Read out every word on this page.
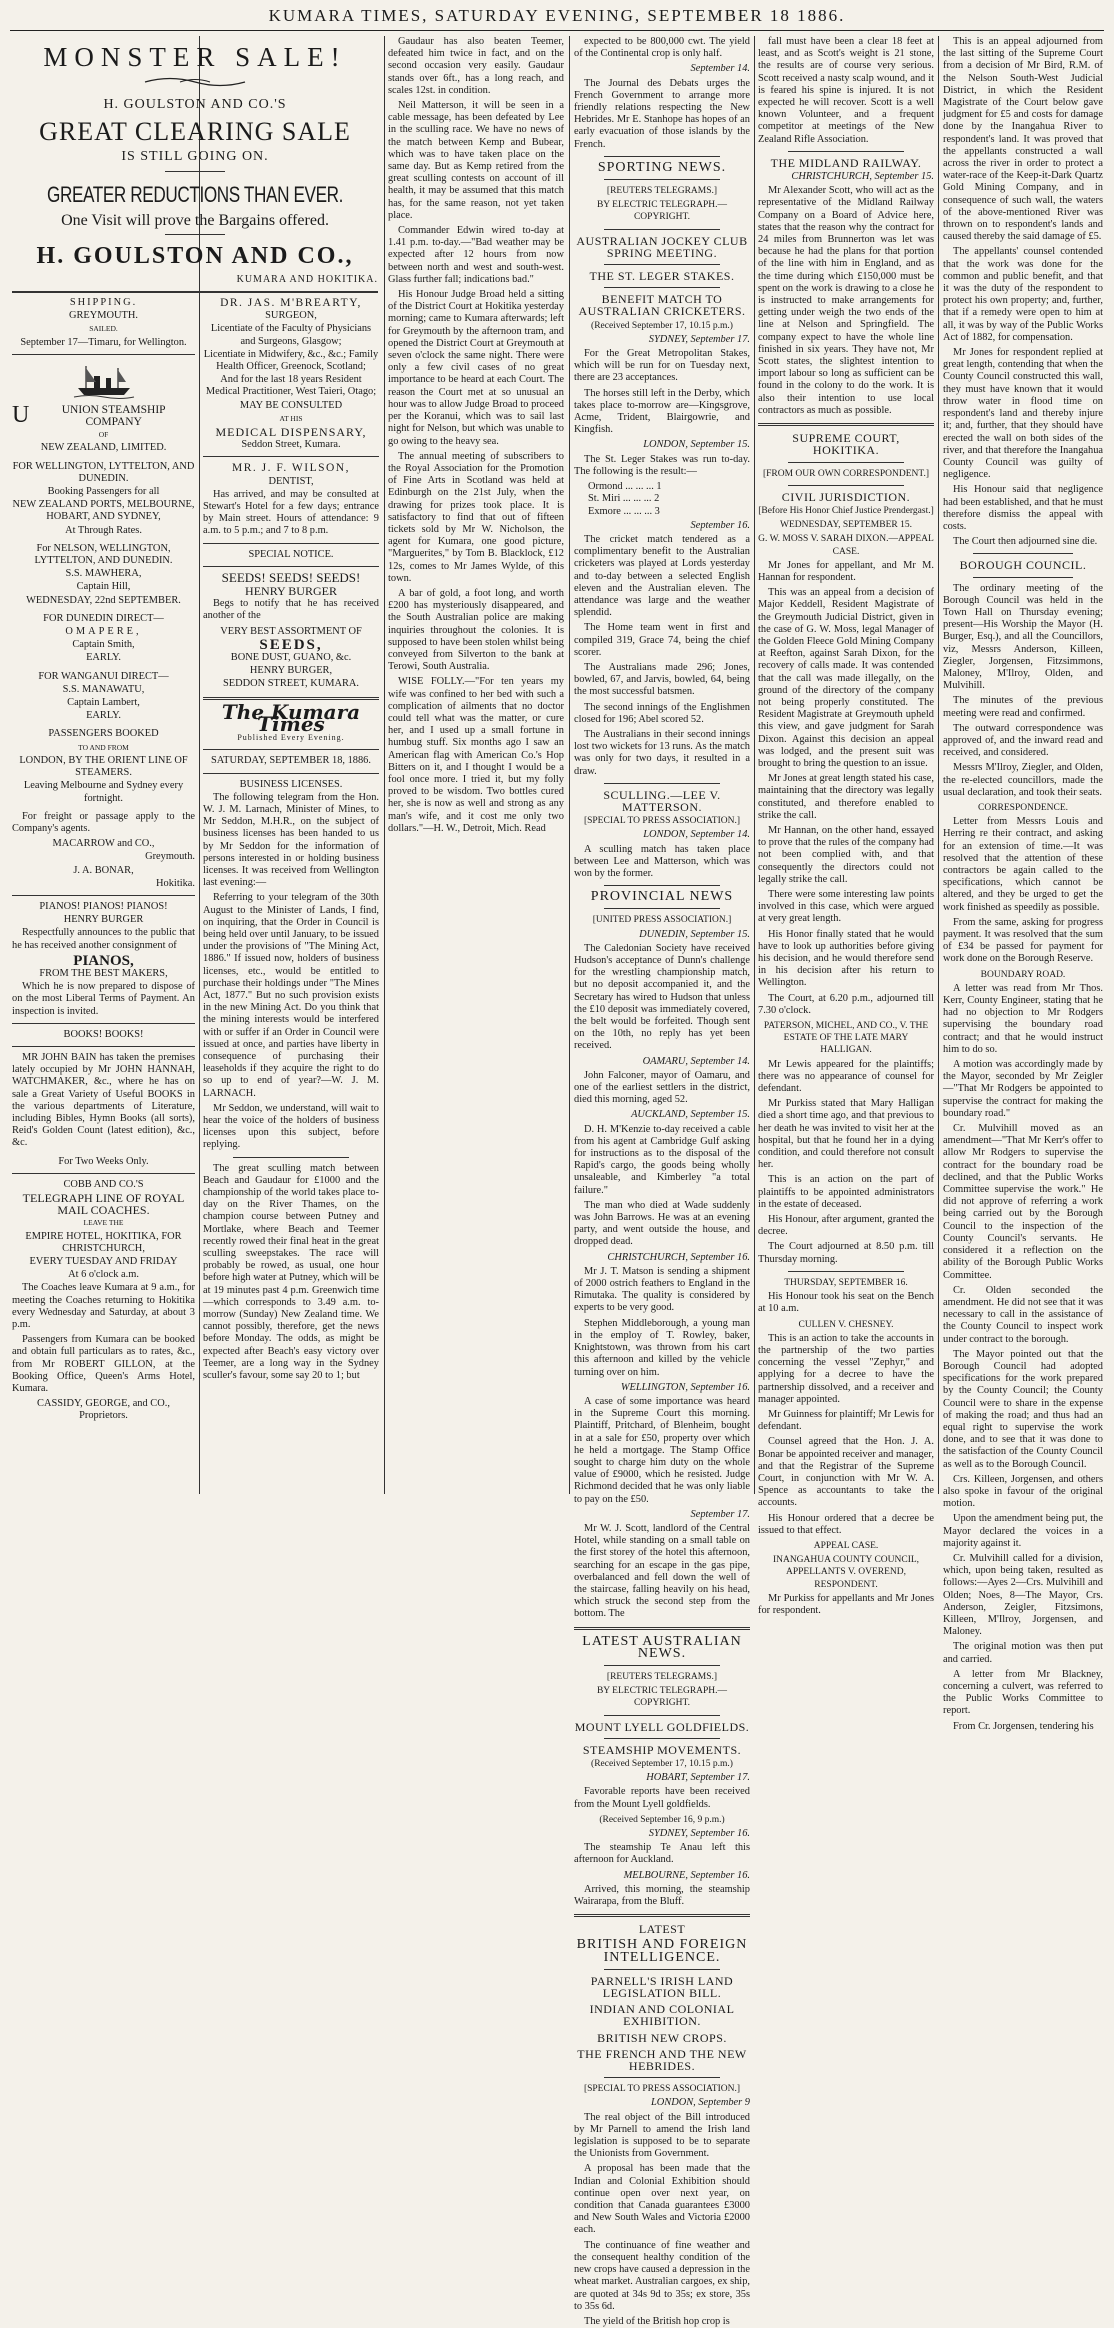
KUMARA TIMES, SATURDAY EVENING, SEPTEMBER 18 1886.
MONSTER SALE!
H. GOULSTON AND CO.'S
GREAT CLEARING SALE
IS STILL GOING ON.
GREATER REDUCTIONS THAN EVER.
One Visit will prove the Bargains offered.
H. GOULSTON AND CO.,
KUMARA AND HOKITIKA.
SHIPPING.
GREYMOUTH.
SAILED.
September 17—Timaru, for Wellington.
U	UNION STEAMSHIP COMPANY
OF
NEW ZEALAND, LIMITED.
FOR WELLINGTON, LYTTELTON, AND DUNEDIN.
Booking Passengers for all
NEW ZEALAND PORTS, MELBOURNE, HOBART, AND SYDNEY,
At Through Rates.
For NELSON, WELLINGTON, LYTTELTON, AND DUNEDIN.
S.S. MAWHERA,
Captain Hill,
WEDNESDAY, 22nd SEPTEMBER.
FOR DUNEDIN DIRECT—
OMAPERE,
Captain Smith,
EARLY.
FOR WANGANUI DIRECT—
S.S. MANAWATU,
Captain Lambert,
EARLY.
PASSENGERS BOOKED
TO AND FROM
LONDON, BY THE ORIENT LINE OF STEAMERS.
Leaving Melbourne and Sydney every fortnight.

For freight or passage apply to the Company's agents.

MACARROW and CO.,
Greymouth.
J. A. BONAR,
Hokitika.
PIANOS! PIANOS! PIANOS!
HENRY BURGER

Respectfully announces to the public that he has received another consignment of

PIANOS,
FROM THE BEST MAKERS,

Which he is now prepared to dispose of on the most Liberal Terms of Payment. An inspection is invited.

BOOKS! BOOKS!

MR JOHN BAIN has taken the premises lately occupied by Mr JOHN HANNAH, WATCHMAKER, &c., where he has on sale a Great Variety of Useful BOOKS in the various departments of Literature, including Bibles, Hymn Books (all sorts), Reid's Golden Count (latest edition), &c., &c.

For Two Weeks Only.
COBB AND CO.'S
TELEGRAPH LINE OF ROYAL MAIL COACHES.
LEAVE THE
EMPIRE HOTEL, HOKITIKA, FOR CHRISTCHURCH,
EVERY TUESDAY AND FRIDAY
At 6 o'clock a.m.

The Coaches leave Kumara at 9 a.m., for meeting the Coaches returning to Hokitika every Wednesday and Saturday, at about 3 p.m.

Passengers from Kumara can be booked and obtain full particulars as to rates, &c., from Mr ROBERT GILLON, at the Booking Office, Queen's Arms Hotel, Kumara.

CASSIDY, GEORGE, and CO., Proprietors.
DR. JAS. M'BREARTY,
SURGEON,
Licentiate of the Faculty of Physicians and Surgeons, Glasgow;
Licentiate in Midwifery, &c., &c.; Family Health Officer, Greenock, Scotland;
And for the last 18 years Resident Medical Practitioner, West Taieri, Otago;
MAY BE CONSULTED
AT HIS
MEDICAL DISPENSARY,
Seddon Street, Kumara.
MR. J. F. WILSON,
DENTIST,

Has arrived, and may be consulted at Stewart's Hotel for a few days; entrance by Main street. Hours of attendance: 9 a.m. to 5 p.m.; and 7 to 8 p.m.

SPECIAL NOTICE.
SEEDS! SEEDS! SEEDS!
HENRY BURGER

Begs to notify that he has received another of the

VERY BEST ASSORTMENT OF
SEEDS,
BONE DUST, GUANO, &c.
HENRY BURGER,
SEDDON STREET, KUMARA.
The Kumara Times
Published Every Evening.
SATURDAY, SEPTEMBER 18, 1886.
BUSINESS LICENSES.

The following telegram from the Hon. W. J. M. Larnach, Minister of Mines, to Mr Seddon, M.H.R., on the subject of business licenses has been handed to us by Mr Seddon for the information of persons interested in or holding business licenses. It was received from Wellington last evening:—

Referring to your telegram of the 30th August to the Minister of Lands, I find, on inquiring, that the Order in Council is being held over until January, to be issued under the provisions of "The Mining Act, 1886." If issued now, holders of business licenses, etc., would be entitled to purchase their holdings under "The Mines Act, 1877." But no such provision exists in the new Mining Act. Do you think that the mining interests would be interfered with or suffer if an Order in Council were issued at once, and parties have liberty in consequence of purchasing their leaseholds if they acquire the right to do so up to end of year?—W. J. M. LARNACH.

Mr Seddon, we understand, will wait to hear the voice of the holders of business licenses upon this subject, before replying.

The great sculling match between Beach and Gaudaur for £1000 and the championship of the world takes place to-day on the River Thames, on the champion course between Putney and Mortlake, where Beach and Teemer recently rowed their final heat in the great sculling sweepstakes. The race will probably be rowed, as usual, one hour before high water at Putney, which will be at 19 minutes past 4 p.m. Greenwich time—which corresponds to 3.49 a.m. to-morrow (Sunday) New Zealand time. We cannot possibly, therefore, get the news before Monday. The odds, as might be expected after Beach's easy victory over Teemer, are a long way in the Sydney sculler's favour, some say 20 to 1; but

Gaudaur has also beaten Teemer, defeated him twice in fact, and on the second occasion very easily. Gaudaur stands over 6ft., has a long reach, and scales 12st. in condition.

Neil Matterson, it will be seen in a cable message, has been defeated by Lee in the sculling race. We have no news of the match between Kemp and Bubear, which was to have taken place on the same day. But as Kemp retired from the great sculling contests on account of ill health, it may be assumed that this match has, for the same reason, not yet taken place.

Commander Edwin wired to-day at 1.41 p.m. to-day.—"Bad weather may be expected after 12 hours from now between north and west and south-west. Glass further fall; indications bad."

His Honour Judge Broad held a sitting of the District Court at Hokitika yesterday morning; came to Kumara afterwards; left for Greymouth by the afternoon tram, and opened the District Court at Greymouth at seven o'clock the same night. There were only a few civil cases of no great importance to be heard at each Court. The reason the Court met at so unusual an hour was to allow Judge Broad to proceed per the Koranui, which was to sail last night for Nelson, but which was unable to go owing to the heavy sea.

The annual meeting of subscribers to the Royal Association for the Promotion of Fine Arts in Scotland was held at Edinburgh on the 21st July, when the drawing for prizes took place. It is satisfactory to find that out of fifteen tickets sold by Mr W. Nicholson, the agent for Kumara, one good picture, "Marguerites," by Tom B. Blacklock, £12 12s, comes to Mr James Wylde, of this town.

A bar of gold, a foot long, and worth £200 has mysteriously disappeared, and the South Australian police are making inquiries throughout the colonies. It is supposed to have been stolen whilst being conveyed from Silverton to the bank at Terowi, South Australia.

WISE FOLLY.—"For ten years my wife was confined to her bed with such a complication of ailments that no doctor could tell what was the matter, or cure her, and I used up a small fortune in humbug stuff. Six months ago I saw an American flag with American Co.'s Hop Bitters on it, and I thought I would be a fool once more. I tried it, but my folly proved to be wisdom. Two bottles cured her, she is now as well and strong as any man's wife, and it cost me only two dollars."—H. W., Detroit, Mich. Read

expected to be 800,000 cwt. The yield of the Continental crop is only half.

September 14.

The Journal des Debats urges the French Government to arrange more friendly relations respecting the New Hebrides. Mr E. Stanhope has hopes of an early evacuation of those islands by the French.

SPORTING NEWS.
[REUTERS TELEGRAMS.]
BY ELECTRIC TELEGRAPH.—COPYRIGHT.
AUSTRALIAN JOCKEY CLUB SPRING MEETING.
THE ST. LEGER STAKES.
BENEFIT MATCH TO AUSTRALIAN CRICKETERS.
(Received September 17, 10.15 p.m.)
SYDNEY, September 17.

For the Great Metropolitan Stakes, which will be run for on Tuesday next, there are 23 acceptances.

The horses still left in the Derby, which takes place to-morrow are—Kingsgrove, Acme, Trident, Blairgowrie, and Kingfish.

LONDON, September 15.

The St. Leger Stakes was run to-day. The following is the result:—

Ormond ... ... ... 1
St. Miri ... ... ... 2
Exmore ... ... ... 3
September 16.

The cricket match tendered as a complimentary benefit to the Australian cricketers was played at Lords yesterday and to-day between a selected English eleven and the Australian eleven. The attendance was large and the weather splendid.

The Home team went in first and compiled 319, Grace 74, being the chief scorer.

The Australians made 296; Jones, bowled, 67, and Jarvis, bowled, 64, being the most successful batsmen.

The second innings of the Englishmen closed for 196; Abel scored 52.

The Australians in their second innings lost two wickets for 13 runs. As the match was only for two days, it resulted in a draw.

SCULLING.—LEE V. MATTERSON.
[SPECIAL TO PRESS ASSOCIATION.]
LONDON, September 14.

A sculling match has taken place between Lee and Matterson, which was won by the former.

PROVINCIAL NEWS
[UNITED PRESS ASSOCIATION.]
DUNEDIN, September 15.

The Caledonian Society have received Hudson's acceptance of Dunn's challenge for the wrestling championship match, but no deposit accompanied it, and the Secretary has wired to Hudson that unless the £10 deposit was immediately covered, the belt would be forfeited. Though sent on the 10th, no reply has yet been received.

OAMARU, September 14.

John Falconer, mayor of Oamaru, and one of the earliest settlers in the district, died this morning, aged 52.

AUCKLAND, September 15.

D. H. M'Kenzie to-day received a cable from his agent at Cambridge Gulf asking for instructions as to the disposal of the Rapid's cargo, the goods being wholly unsaleable, and Kimberley "a total failure."

The man who died at Wade suddenly was John Barrows. He was at an evening party, and went outside the house, and dropped dead.

CHRISTCHURCH, September 16.

Mr J. T. Matson is sending a shipment of 2000 ostrich feathers to England in the Rimutaka. The quality is considered by experts to be very good.

Stephen Middleborough, a young man in the employ of T. Rowley, baker, Knightstown, was thrown from his cart this afternoon and killed by the vehicle turning over on him.

WELLINGTON, September 16.

A case of some importance was heard in the Supreme Court this morning. Plaintiff, Pritchard, of Blenheim, bought in at a sale for £50, property over which he held a mortgage. The Stamp Office sought to charge him duty on the whole value of £9000, which he resisted. Judge Richmond decided that he was only liable to pay on the £50.

September 17.

Mr W. J. Scott, landlord of the Central Hotel, while standing on a small table on the first storey of the hotel this afternoon, searching for an escape in the gas pipe, overbalanced and fell down the well of the staircase, falling heavily on his head, which struck the second step from the bottom. The

LATEST AUSTRALIAN NEWS.
[REUTERS TELEGRAMS.]
BY ELECTRIC TELEGRAPH.—COPYRIGHT.
MOUNT LYELL GOLDFIELDS.
STEAMSHIP MOVEMENTS.
(Received September 17, 10.15 p.m.)
HOBART, September 17.

Favorable reports have been received from the Mount Lyell goldfields.

(Received September 16, 9 p.m.)
SYDNEY, September 16.

The steamship Te Anau left this afternoon for Auckland.

MELBOURNE, September 16.

Arrived, this morning, the steamship Wairarapa, from the Bluff.

LATEST
BRITISH AND FOREIGN INTELLIGENCE.
PARNELL'S IRISH LAND LEGISLATION BILL.
INDIAN AND COLONIAL EXHIBITION.
BRITISH NEW CROPS.
THE FRENCH AND THE NEW HEBRIDES.
[SPECIAL TO PRESS ASSOCIATION.]
LONDON, September 9

The real object of the Bill introduced by Mr Parnell to amend the Irish land legislation is supposed to be to separate the Unionists from Government.

A proposal has been made that the Indian and Colonial Exhibition should continue open over next year, on condition that Canada guarantees £3000 and New South Wales and Victoria £2000 each.

The continuance of fine weather and the consequent healthy condition of the new crops have caused a depression in the wheat market. Australian cargoes, ex ship, are quoted at 34s 9d to 35s; ex store, 35s to 35s 6d.

The yield of the British hop crop is

fall must have been a clear 18 feet at least, and as Scott's weight is 21 stone, the results are of course very serious. Scott received a nasty scalp wound, and it is feared his spine is injured. It is not expected he will recover. Scott is a well known Volunteer, and a frequent competitor at meetings of the New Zealand Rifle Association.

THE MIDLAND RAILWAY.
CHRISTCHURCH, September 15.

Mr Alexander Scott, who will act as the representative of the Midland Railway Company on a Board of Advice here, states that the reason why the contract for 24 miles from Brunnerton was let was because he had the plans for that portion of the line with him in England, and as the time during which £150,000 must be spent on the work is drawing to a close he is instructed to make arrangements for getting under weigh the two ends of the line at Nelson and Springfield. The company expect to have the whole line finished in six years. They have not, Mr Scott states, the slightest intention to import labour so long as sufficient can be found in the colony to do the work. It is also their intention to use local contractors as much as possible.

SUPREME COURT, HOKITIKA.
[FROM OUR OWN CORRESPONDENT.]
CIVIL JURISDICTION.
[Before His Honor Chief Justice Prendergast.]
WEDNESDAY, SEPTEMBER 15.
G. W. MOSS V. SARAH DIXON.—APPEAL CASE.

Mr Jones for appellant, and Mr M. Hannan for respondent.

This was an appeal from a decision of Major Keddell, Resident Magistrate of the Greymouth Judicial District, given in the case of G. W. Moss, legal Manager of the Golden Fleece Gold Mining Company at Reefton, against Sarah Dixon, for the recovery of calls made. It was contended that the call was made illegally, on the ground of the directory of the company not being properly constituted. The Resident Magistrate at Greymouth upheld this view, and gave judgment for Sarah Dixon. Against this decision an appeal was lodged, and the present suit was brought to bring the question to an issue.

Mr Jones at great length stated his case, maintaining that the directory was legally constituted, and therefore enabled to strike the call.

Mr Hannan, on the other hand, essayed to prove that the rules of the company had not been complied with, and that consequently the directors could not legally strike the call.

There were some interesting law points involved in this case, which were argued at very great length.

His Honor finally stated that he would have to look up authorities before giving his decision, and he would therefore send in his decision after his return to Wellington.

The Court, at 6.20 p.m., adjourned till 7.30 o'clock.

PATERSON, MICHEL, AND CO., V. THE ESTATE OF THE LATE MARY HALLIGAN.

Mr Lewis appeared for the plaintiffs; there was no appearance of counsel for defendant.

Mr Purkiss stated that Mary Halligan died a short time ago, and that previous to her death he was invited to visit her at the hospital, but that he found her in a dying condition, and could therefore not consult her.

This is an action on the part of plaintiffs to be appointed administrators in the estate of deceased.

His Honour, after argument, granted the decree.

The Court adjourned at 8.50 p.m. till Thursday morning.

THURSDAY, SEPTEMBER 16.

His Honour took his seat on the Bench at 10 a.m.

CULLEN V. CHESNEY.

This is an action to take the accounts in the partnership of the two parties concerning the vessel "Zephyr," and applying for a decree to have the partnership dissolved, and a receiver and manager appointed.

Mr Guinness for plaintiff; Mr Lewis for defendant.

Counsel agreed that the Hon. J. A. Bonar be appointed receiver and manager, and that the Registrar of the Supreme Court, in conjunction with Mr W. A. Spence as accountants to take the accounts.

His Honour ordered that a decree be issued to that effect.

APPEAL CASE.
INANGAHUA COUNTY COUNCIL, APPELLANTS V. OVEREND, RESPONDENT.

Mr Purkiss for appellants and Mr Jones for respondent.

This is an appeal adjourned from the last sitting of the Supreme Court from a decision of Mr Bird, R.M. of the Nelson South-West Judicial District, in which the Resident Magistrate of the Court below gave judgment for £5 and costs for damage done by the Inangahua River to respondent's land. It was proved that the appellants constructed a wall across the river in order to protect a water-race of the Keep-it-Dark Quartz Gold Mining Company, and in consequence of such wall, the waters of the above-mentioned River was thrown on to respondent's lands and caused thereby the said damage of £5.

The appellants' counsel contended that the work was done for the common and public benefit, and that it was the duty of the respondent to protect his own property; and, further, that if a remedy were open to him at all, it was by way of the Public Works Act of 1882, for compensation.

Mr Jones for respondent replied at great length, contending that when the County Council constructed this wall, they must have known that it would throw water in flood time on respondent's land and thereby injure it; and, further, that they should have erected the wall on both sides of the river, and that therefore the Inangahua County Council was guilty of negligence.

His Honour said that negligence had been established, and that he must therefore dismiss the appeal with costs.

The Court then adjourned sine die.

BOROUGH COUNCIL.

The ordinary meeting of the Borough Council was held in the Town Hall on Thursday evening; present—His Worship the Mayor (H. Burger, Esq.), and all the Councillors, viz, Messrs Anderson, Killeen, Ziegler, Jorgensen, Fitzsimmons, Maloney, M'Ilroy, Olden, and Mulvihill.

The minutes of the previous meeting were read and confirmed.

The outward correspondence was approved of, and the inward read and received, and considered.

Messrs M'Ilroy, Ziegler, and Olden, the re-elected councillors, made the usual declaration, and took their seats.

CORRESPONDENCE.

Letter from Messrs Louis and Herring re their contract, and asking for an extension of time.—It was resolved that the attention of these contractors be again called to the specifications, which cannot be altered, and they be urged to get the work finished as speedily as possible.

From the same, asking for progress payment. It was resolved that the sum of £34 be passed for payment for work done on the Borough Reserve.

BOUNDARY ROAD.

A letter was read from Mr Thos. Kerr, County Engineer, stating that he had no objection to Mr Rodgers supervising the boundary road contract; and that he would instruct him to do so.

A motion was accordingly made by the Mayor, seconded by Mr Zeigler—"That Mr Rodgers be appointed to supervise the contract for making the boundary road."

Cr. Mulvihill moved as an amendment—"That Mr Kerr's offer to allow Mr Rodgers to supervise the contract for the boundary road be declined, and that the Public Works Committee supervise the work." He did not approve of referring a work being carried out by the Borough Council to the inspection of the County Council's servants. He considered it a reflection on the ability of the Borough Public Works Committee.

Cr. Olden seconded the amendment. He did not see that it was necessary to call in the assistance of the County Council to inspect work under contract to the borough.

The Mayor pointed out that the Borough Council had adopted specifications for the work prepared by the County Council; the County Council were to share in the expense of making the road; and thus had an equal right to supervise the work done, and to see that it was done to the satisfaction of the County Council as well as to the Borough Council.

Crs. Killeen, Jorgensen, and others also spoke in favour of the original motion.

Upon the amendment being put, the Mayor declared the voices in a majority against it.

Cr. Mulvihill called for a division, which, upon being taken, resulted as follows:—Ayes 2—Crs. Mulvihill and Olden; Noes, 8—The Mayor, Crs. Anderson, Zeigler, Fitzsimons, Killeen, M'Ilroy, Jorgensen, and Maloney.

The original motion was then put and carried.

A letter from Mr Blackney, concerning a culvert, was referred to the Public Works Committee to report.

From Cr. Jorgensen, tendering his
